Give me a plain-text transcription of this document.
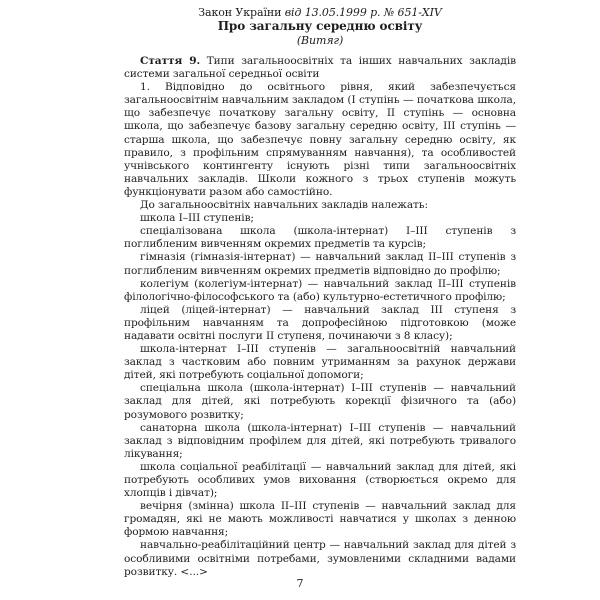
Закон України від 13.05.1999 р. № 651-XIV

Про загальну середню освіту

(Витяг)

Стаття 9. Типи загальноосвітніх та інших навчальних закладів системи загальної середньої освіти

1. Відповідно до освітнього рівня, який забезпечується загальноосвітнім навчальним закладом (I ступінь — початкова школа, що забезпечує початкову загальну освіту, II ступінь — основна школа, що забезпечує базову загальну середню освіту, III ступінь — старша школа, що забезпечує повну загальну середню освіту, як правило, з профільним спрямуванням навчання), та особливостей учнівського контингенту існують різні типи загальноосвітніх навчальних закладів. Школи кожного з трьох ступенів можуть функціонувати разом або самостійно.

До загальноосвітніх навчальних закладів належать:

школа I–III ступенів;

спеціалізована школа (школа-інтернат) I–III ступенів з поглибленим вивченням окремих предметів та курсів;

гімназія (гімназія-інтернат) — навчальний заклад II–III ступенів з поглибленим вивченням окремих предметів відповідно до профілю;

колегіум (колегіум-інтернат) — навчальний заклад II–III ступенів філологічно-філософського та (або) культурно-естетичного профілю;

ліцей (ліцей-інтернат) — навчальний заклад III ступеня з профільним навчанням та допрофесійною підготовкою (може надавати освітні послуги II ступеня, починаючи з 8 класу);

школа-інтернат I–III ступенів — загальноосвітній навчальний заклад з частковим або повним утриманням за рахунок держави дітей, які потребують соціальної допомоги;

спеціальна школа (школа-інтернат) I–III ступенів — навчальний заклад для дітей, які потребують корекції фізичного та (або) розумового розвитку;

санаторна школа (школа-інтернат) I–III ступенів — навчальний заклад з відповідним профілем для дітей, які потребують тривалого лікування;

школа соціальної реабілітації — навчальний заклад для дітей, які потребують особливих умов виховання (створюється окремо для хлопців і дівчат);

вечірня (змінна) школа II–III ступенів — навчальний заклад для громадян, які не мають можливості навчатися у школах з денною формою навчання;

навчально-реабілітаційний центр — навчальний заклад для дітей з особливими освітніми потребами, зумовленими складними вадами розвитку. <...>

7
